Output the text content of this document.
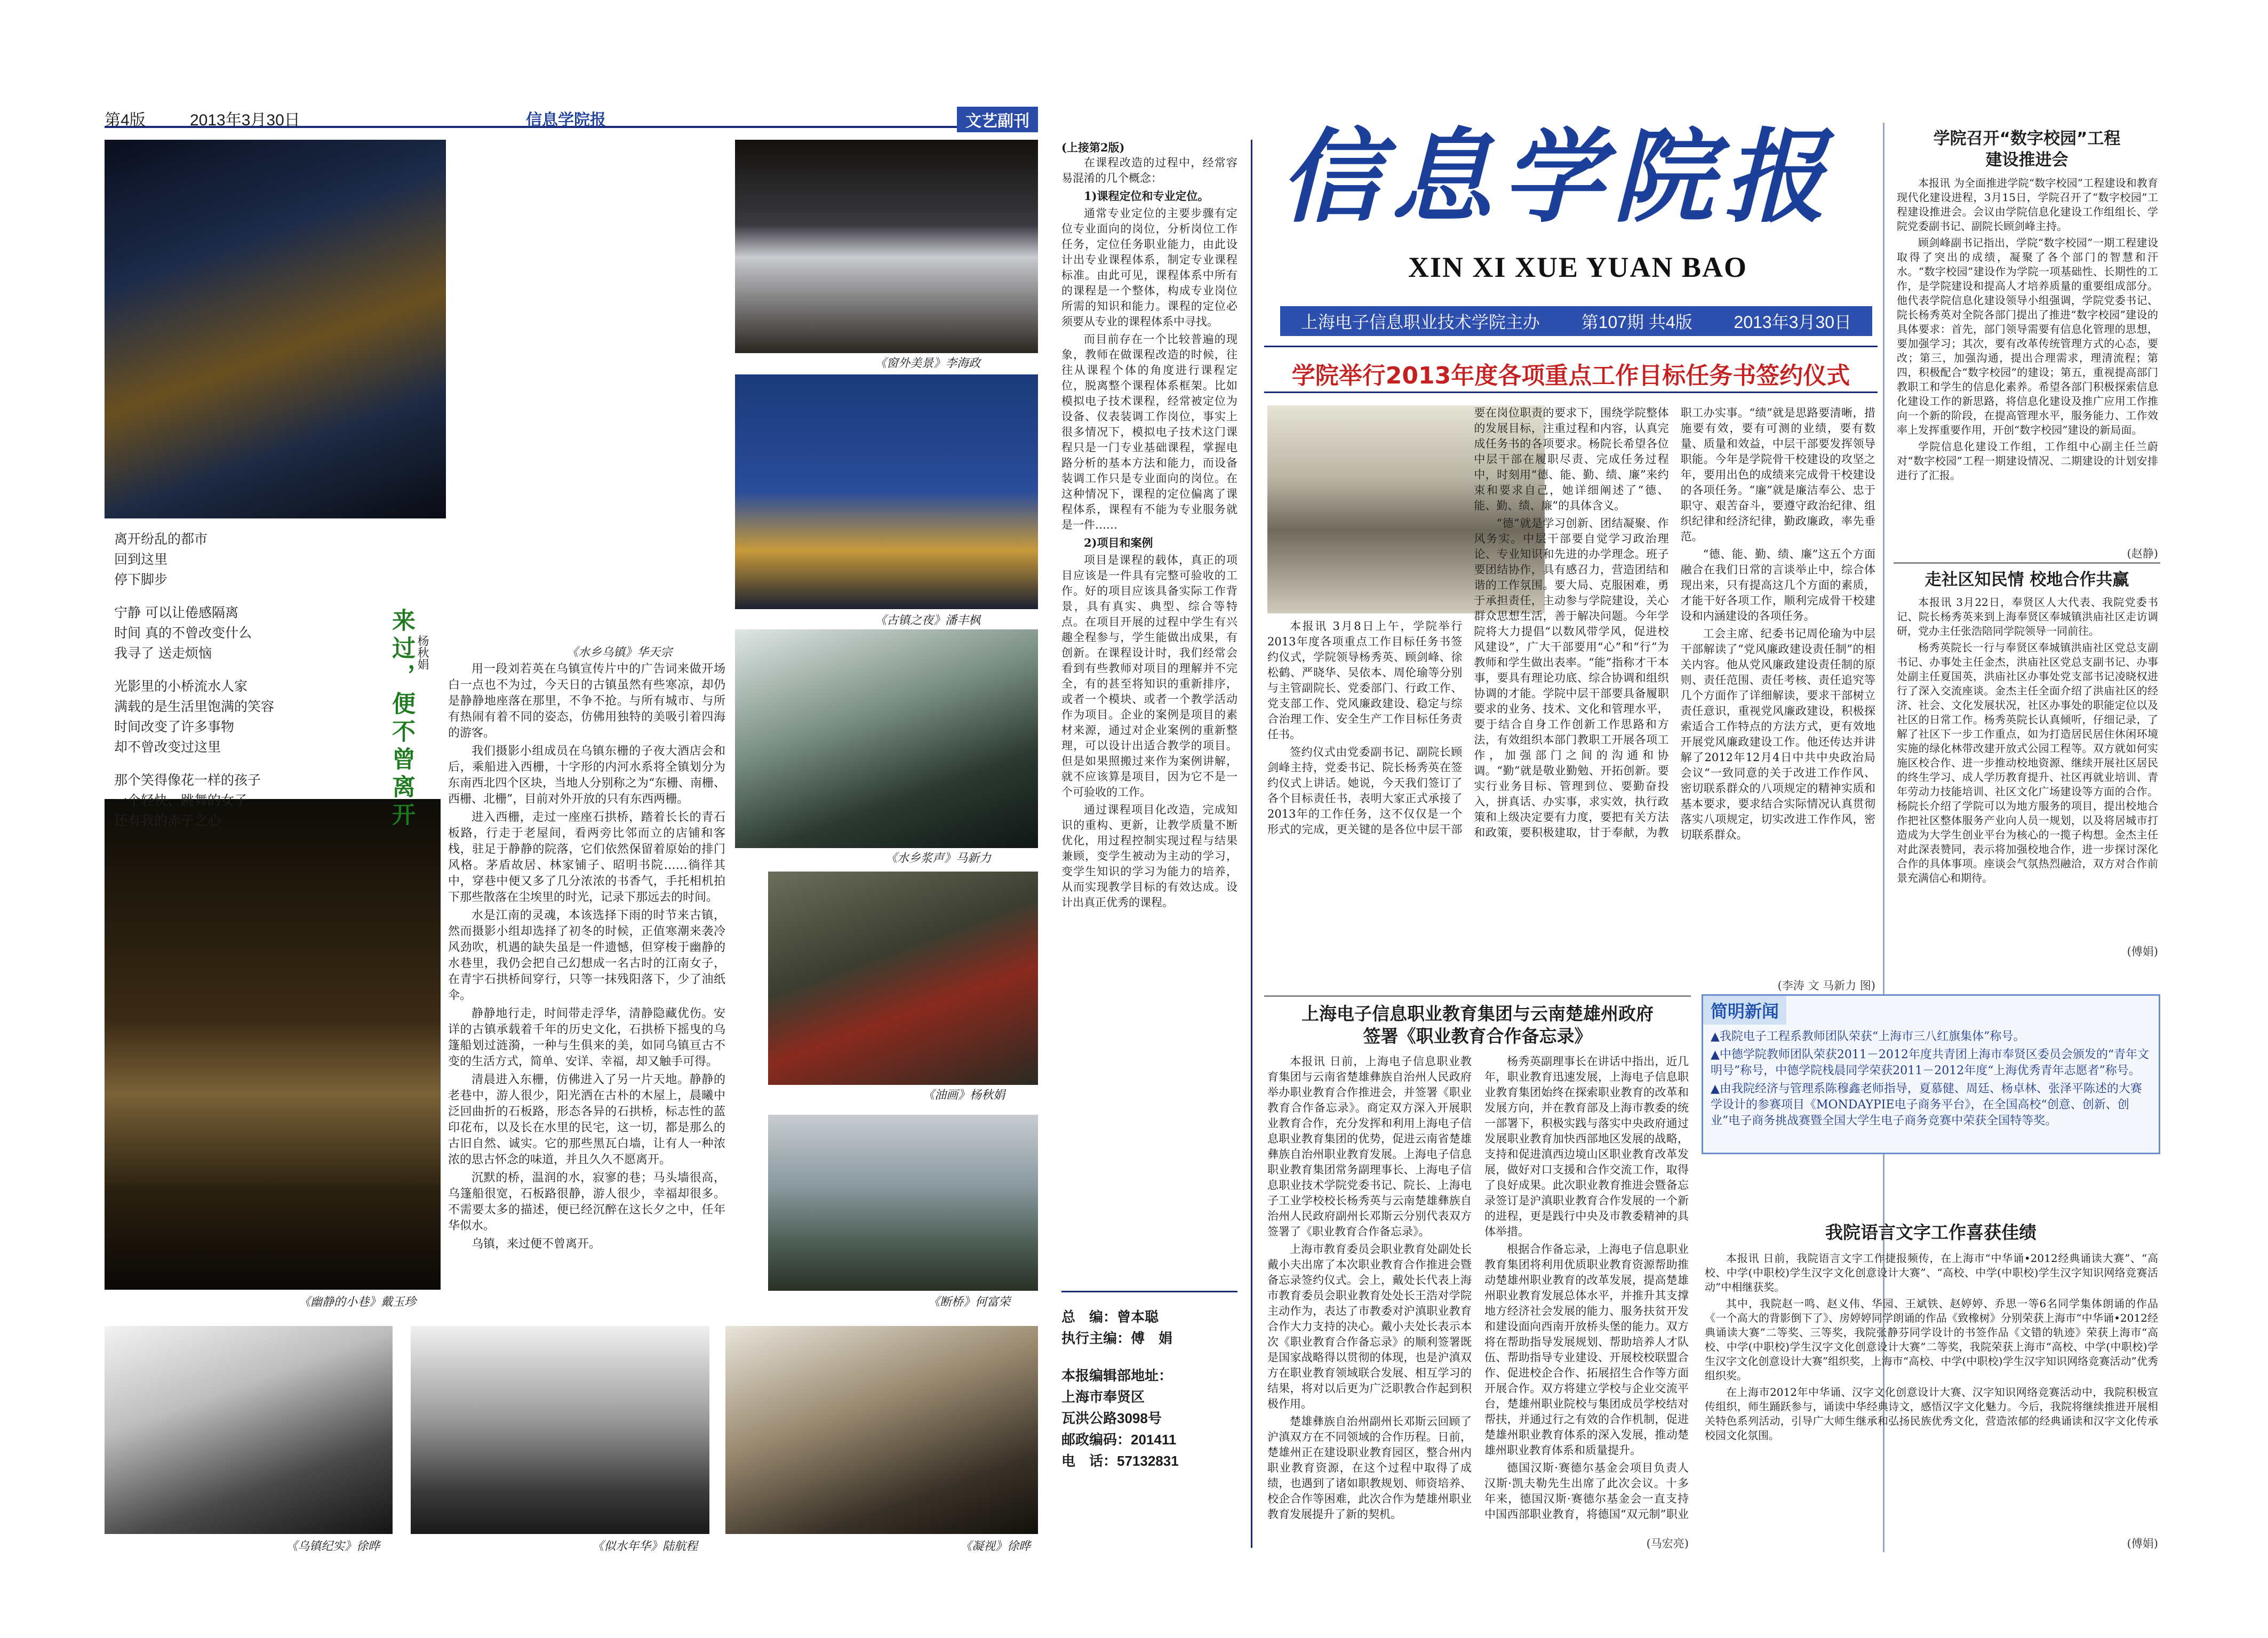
第4版	2013年3月30日	信息学院报	文艺副刊
《幽静的小巷》戴玉珍
离开纷乱的都市
回到这里
停下脚步
宁静 可以让倦感隔离
时间 真的不曾改变什么
我寻了 送走烦恼
光影里的小桥流水人家
满载的是生活里饱满的笑容
时间改变了许多事物
却不曾改变过这里
那个笑得像花一样的孩子
一个轻快、跳舞的女子
还有我的赤子之心	来过，便不曾离开 杨秋娟	用一段刘若英在乌镇宣传片中的广告词来做开场白一点也不为过，今天日的古镇虽然有些寒凉，却仍是静静地座落在那里，不争不抢。与所有城市、与所有热闹有着不同的姿态，仿佛用独特的美吸引着四海的游客。

我们摄影小组成员在乌镇东栅的子夜大酒店会和后，乘船进入西栅，十字形的内河水系将全镇划分为东南西北四个区块，当地人分别称之为“东栅、南栅、西栅、北栅”，目前对外开放的只有东西两栅。

进入西栅，走过一座座石拱桥，踏着长长的青石板路，行走于老屋间，看两旁比邻而立的店铺和客栈，驻足于静静的院落，它们依然保留着原始的排门风格。茅盾故居、林家铺子、昭明书院……徜徉其中，穿巷中便又多了几分浓浓的书香气，手托相机拍下那些散落在尘埃里的时光，记录下那远去的时间。

水是江南的灵魂，本该选择下雨的时节来古镇，然而摄影小组却选择了初冬的时候，正值寒潮来袭冷风劲吹，机遇的缺失虽是一件遗憾，但穿梭于幽静的水巷里，我仍会把自己幻想成一名古时的江南女子，在青宇石拱桥间穿行，只等一抹残阳落下，少了油纸伞。

静静地行走，时间带走浮华，清静隐藏优伤。安详的古镇承载着千年的历史文化，石拱桥下摇曳的乌篷船划过涟漪，一种与生俱来的美，如同乌镇亘古不变的生活方式，简单、安详、幸福，却又触手可得。

清晨进入东栅，仿佛进入了另一片天地。静静的老巷中，游人很少，阳光洒在古朴的木屋上，晨曦中泛回曲折的石板路，形态各异的石拱桥，标志性的蓝印花布，以及长在水里的民宅，这一切，都是那么的古旧自然、诚实。它的那些黑瓦白墙，让有人一种浓浓的思古怀念的味道，并且久久不愿离开。

沉默的桥，温润的水，寂寥的巷；马头墙很高，乌篷船很宽，石板路很静，游人很少，幸福却很多。不需要太多的描述，便已经沉醉在这长夕之中，任年华似水。

乌镇，来过便不曾离开。

《窗外美景》李海政
《古镇之夜》潘丰枫
《水乡乌镇》华天宗
《水乡浆声》马新力
《油画》杨秋娟
《断桥》何富荣
《乌镇纪实》徐晔	《似水年华》陆航程	《凝视》徐晔
(上接第2版)

在课程改造的过程中，经常容易混淆的几个概念：

1)课程定位和专业定位。

通常专业定位的主要步骤有定位专业面向的岗位，分析岗位工作任务，定位任务职业能力，由此设计出专业课程体系，制定专业课程标准。由此可见，课程体系中所有的课程是一个整体，构成专业岗位所需的知识和能力。课程的定位必须要从专业的课程体系中寻找。

而目前存在一个比较普遍的现象，教师在做课程改造的时候，往往从课程个体的角度进行课程定位，脱离整个课程体系框架。比如模拟电子技术课程，经常被定位为设备、仪表装调工作岗位，事实上很多情况下，模拟电子技术这门课程只是一门专业基础课程，掌握电路分析的基本方法和能力，而设备装调工作只是专业面向的岗位。在这种情况下，课程的定位偏离了课程体系，课程有不能为专业服务就是一件……

2)项目和案例

项目是课程的载体，真正的项目应该是一件具有完整可验收的工作。好的项目应该具备实际工作背景，具有真实、典型、综合等特点。在项目开展的过程中学生有兴趣全程参与，学生能做出成果，有创新。在课程设计时，我们经常会看到有些教师对项目的理解并不完全，有的甚至将知识的重新排序，或者一个模块、或者一个教学活动作为项目。企业的案例是项目的素材来源，通过对企业案例的重新整理，可以设计出适合教学的项目。但是如果照搬过来作为案例讲解，就不应该算是项目，因为它不是一个可验收的工作。

通过课程项目化改造，完成知识的重构、更新，让教学质量不断优化，用过程控制实现过程与结果兼顾，变学生被动为主动的学习，变学生知识的学习为能力的培养，从而实现教学目标的有效达成。设计出真正优秀的课程。

总　编：曾本聪
执行主编：傅　娟
本报编辑部地址：
上海市奉贤区
瓦洪公路3098号
邮政编码：201411
电　话：57132831
信息学院报
XIN XI XUE YUAN BAO
上海电子信息职业技术学院主办 第107期 共4版 2013年3月30日
学院举行2013年度各项重点工作目标任务书签约仪式

本报讯 3月8日上午，学院举行2013年度各项重点工作目标任务书签约仪式，学院领导杨秀英、顾剑峰、徐松鹤、严晓华、吴依本、周伦瑜等分别与主管副院长、党委部门、行政工作、党支部工作、党风廉政建设、稳定与综合治理工作、安全生产工作目标任务责任书。

签约仪式由党委副书记、副院长顾剑峰主持，党委书记、院长杨秀英在签约仪式上讲话。她说，今天我们签订了各个目标责任书，表明大家正式承接了2013年的工作任务，这不仅仅是一个形式的完成，更关键的是各位中层干部要在岗位职责的要求下，围绕学院整体的发展目标，注重过程和内容，认真完成任务书的各项要求。杨院长希望各位中层干部在履职尽责、完成任务过程中，时刻用“德、能、勤、绩、廉”来约束和要求自己，她详细阐述了“德、能、勤、绩、廉”的具体含义。

“德”就是学习创新、团结凝聚、作风务实。中层干部要自觉学习政治理论、专业知识和先进的办学理念。班子要团结协作，具有感召力，营造团结和谐的工作氛围。要大局、克服困难，勇于承担责任，主动参与学院建设，关心群众思想生活，善于解决问题。今年学院将大力提倡“以数风带学风，促进校风建设”，广大干部要用“心”和“行”为教师和学生做出表率。“能”指称才干本事，要具有理论功底、综合协调和组织协调的才能。学院中层干部要具备履职要求的业务、技术、文化和管理水平，要于结合自身工作创新工作思路和方法，有效组织本部门教职工开展各项工作，加强部门之间的沟通和协调。“勤”就是敬业勤勉、开拓创新。要实行业务目标、管理到位、要勤奋投入，拼真话、办实事，求实效，执行政策和上级决定要有力度，要把有关方法和政策，要积极建取，甘于奉献，为教职工办实事。“绩”就是思路要清晰，措施要有效，要有可测的业绩，要有数量、质量和效益，中层干部要发挥领导职能。今年是学院骨干校建设的攻坚之年，要用出色的成绩来完成骨干校建设的各项任务。“廉”就是廉洁奉公、忠于职守、艰苦奋斗，要遵守政治纪律、组织纪律和经济纪律，勤政廉政，率先垂范。

“德、能、勤、绩、廉”这五个方面融合在我们日常的言谈举止中，综合体现出来，只有提高这几个方面的素质，才能干好各项工作，顺利完成骨干校建设和内涵建设的各项任务。

工会主席、纪委书记周伦瑜为中层干部解读了“党风廉政建设责任制”的相关内容。他从党风廉政建设责任制的原则、责任范围、责任考核、责任追究等几个方面作了详细解读，要求干部树立责任意识，重视党风廉政建设，积极探索适合工作特点的方法方式，更有效地开展党风廉政建设工作。他还传达并讲解了2012年12月4日中共中央政治局会议“一致同意的关于改进工作作风、密切联系群众的八项规定的精神实质和基本要求，要求结合实际情况认真贯彻落实八项规定，切实改进工作作风，密切联系群众。

(李涛 文 马新力 图)
上海电子信息职业教育集团与云南楚雄州政府
签署《职业教育合作备忘录》

本报讯 日前，上海电子信息职业教育集团与云南省楚雄彝族自治州人民政府举办职业教育合作推进会，并签署《职业教育合作备忘录》。商定双方深入开展职业教育合作，充分发挥和利用上海电子信息职业教育集团的优势，促进云南省楚雄彝族自治州职业教育发展。上海电子信息职业教育集团常务副理事长、上海电子信息职业技术学院党委书记、院长、上海电子工业学校校长杨秀英与云南楚雄彝族自治州人民政府副州长邓斯云分别代表双方签署了《职业教育合作备忘录》。

上海市教育委员会职业教育处副处长戴小夫出席了本次职业教育合作推进会暨备忘录签约仪式。会上，戴处长代表上海市教育委员会职业教育处处长王浩对学院主动作为，表达了市教委对沪滇职业教育合作大力支持的决心。戴小夫处长表示本次《职业教育合作备忘录》的顺利签署既是国家战略得以贯彻的体现，也是沪滇双方在职业教育领域联合发展、相互学习的结果，将对以后更为广泛职教合作起到积极作用。

楚雄彝族自治州副州长邓斯云回顾了沪滇双方在不同领域的合作历程。日前，楚雄州正在建设职业教育园区，整合州内职业教育资源，在这个过程中取得了成绩，也遇到了诸如职教规划、师资培养、校企合作等困难，此次合作为楚雄州职业教育发展提升了新的契机。

杨秀英副理事长在讲话中指出，近几年，职业教育迅速发展，上海电子信息职业教育集团始终在探索职业教育的改革和发展方向，并在教育部及上海市教委的统一部署下，积极实践与落实中央政府通过发展职业教育加快西部地区发展的战略，支持和促进滇西边境山区职业教育改革发展，做好对口支援和合作交流工作，取得了良好成果。此次职业教育推进会暨备忘录签订是沪滇职业教育合作发展的一个新的进程，更是践行中央及市教委精神的具体举措。

根据合作备忘录，上海电子信息职业教育集团将利用优质职业教育资源帮助推动楚雄州职业教育的改革发展，提高楚雄州职业教育发展总体水平，并推升其支撑地方经济社会发展的能力、服务扶贫开发和建设面向西南开放桥头堡的能力。双方将在帮助指导发展规划、帮助培养人才队伍、帮助指导专业建设、开展校校联盟合作、促进校企合作、拓展招生合作等方面开展合作。双方将建立学校与企业交流平台，楚雄州职业院校与集团成员学校结对帮扶，并通过行之有效的合作机制，促进楚雄州职业教育体系的深入发展，推动楚雄州职业教育体系和质量提升。

德国汉斯·赛德尔基金会项目负责人汉斯·凯夫勒先生出席了此次会议。十多年来，德国汉斯·赛德尔基金会一直支持中国西部职业教育，将德国“双元制”职业

(马宏亮)
学院召开“数字校园”工程
建设推进会

本报讯 为全面推进学院“数字校园”工程建设和教育现代化建设进程，3月15日，学院召开了“数字校园”工程建设推进会。会议由学院信息化建设工作组组长、学院党委副书记、副院长顾剑峰主持。

顾剑峰副书记指出，学院“数字校园”一期工程建设取得了突出的成绩，凝聚了各个部门的智慧和汗水。“数字校园”建设作为学院一项基础性、长期性的工作，是学院建设和提高人才培养质量的重要组成部分。他代表学院信息化建设领导小组强调，学院党委书记、院长杨秀英对全院各部门提出了推进“数字校园”建设的具体要求：首先，部门领导需要有信息化管理的思想，要加强学习；其次，要有改革传统管理方式的心态，要改；第三，加强沟通，提出合理需求，理清流程；第四，积极配合“数字校园”的建设；第五，重视提高部门教职工和学生的信息化素养。希望各部门积极探索信息化建设工作的新思路，将信息化建设及推广应用工作推向一个新的阶段，在提高管理水平，服务能力、工作效率上发挥重要作用，开创“数字校园”建设的新局面。

学院信息化建设工作组，工作组中心副主任兰蔚对“数字校园”工程一期建设情况、二期建设的计划安排进行了汇报。

(赵静)
走社区知民情 校地合作共赢

本报讯 3月22日，奉贤区人大代表、我院党委书记、院长杨秀英来到上海奉贤区奉城镇洪庙社区走访调研，党办主任张浩陪同学院领导一同前往。

杨秀英院长一行与奉贤区奉城镇洪庙社区党总支副书记、办事处主任金杰，洪庙社区党总支副书记、办事处副主任夏国英，洪庙社区办事处党支部书记凌晓权进行了深入交流座谈。金杰主任全面介绍了洪庙社区的经济、社会、文化发展状况，社区办事处的职能定位以及社区的日常工作。杨秀英院长认真倾听，仔细记录，了解了社区下一步工作重点，如为打造居民居住休闲环境实施的绿化林带改建开放式公园工程等。双方就如何实施区校合作、进一步推动校地资源、继续开展社区居民的终生学习、成人学历教育提升、社区再就业培训、青年劳动力技能培训、社区文化广场建设等方面的合作。杨院长介绍了学院可以为地方服务的项目，提出校地合作把社区整体服务产业向人员一规划，以及将居城市打造成为大学生创业平台为核心的一揽子构想。金杰主任对此深表赞同，表示将加强校地合作，进一步探讨深化合作的具体事项。座谈会气氛热烈融洽，双方对合作前景充满信心和期待。

(傅娟)
简明新闻
▲我院电子工程系教师团队荣获“上海市三八红旗集体”称号。
▲中德学院教师团队荣获2011－2012年度共青团上海市奉贤区委员会颁发的“青年文明号”称号，中德学院栈晨同学荣获2011－2012年度“上海优秀青年志愿者”称号。
▲由我院经济与管理系陈穆鑫老师指导，夏慕健、周廷、杨卓林、张泽平陈述的大赛学设计的参赛项目《MONDAYPIE电子商务平台》，在全国高校“创意、创新、创业”电子商务挑战赛暨全国大学生电子商务竞赛中荣获全国特等奖。
我院语言文字工作喜获佳绩

本报讯 日前，我院语言文字工作捷报频传，在上海市“中华诵•2012经典诵读大赛”、“高校、中学(中职校)学生汉字文化创意设计大赛”、“高校、中学(中职校)学生汉字知识网络竞赛活动”中相继获奖。

其中，我院赵一鸣、赵义伟、华园、王斌铁、赵婷婷、乔思一等6名同学集体朗诵的作品《一个高大的背影倒下了》、房婷婷同学朗诵的作品《致橡树》分别荣获上海市“中华诵•2012经典诵读大赛”二等奖、三等奖，我院张静芬同学设计的书签作品《文错的轨迹》荣获上海市“高校、中学(中职校)学生汉字文化创意设计大赛”二等奖，我院荣获上海市“高校、中学(中职校)学生汉字文化创意设计大赛”组织奖，上海市“高校、中学(中职校)学生汉字知识网络竞赛活动”优秀组织奖。

在上海市2012年中华诵、汉字文化创意设计大赛、汉字知识网络竞赛活动中，我院积极宣传组织，师生踊跃参与，诵读中华经典诗文，感悟汉字文化魅力。今后，我院将继续推进开展相关特色系列活动，引导广大师生继承和弘扬民族优秀文化，营造浓郁的经典诵读和汉字文化传承校园文化氛围。

(傅娟)
